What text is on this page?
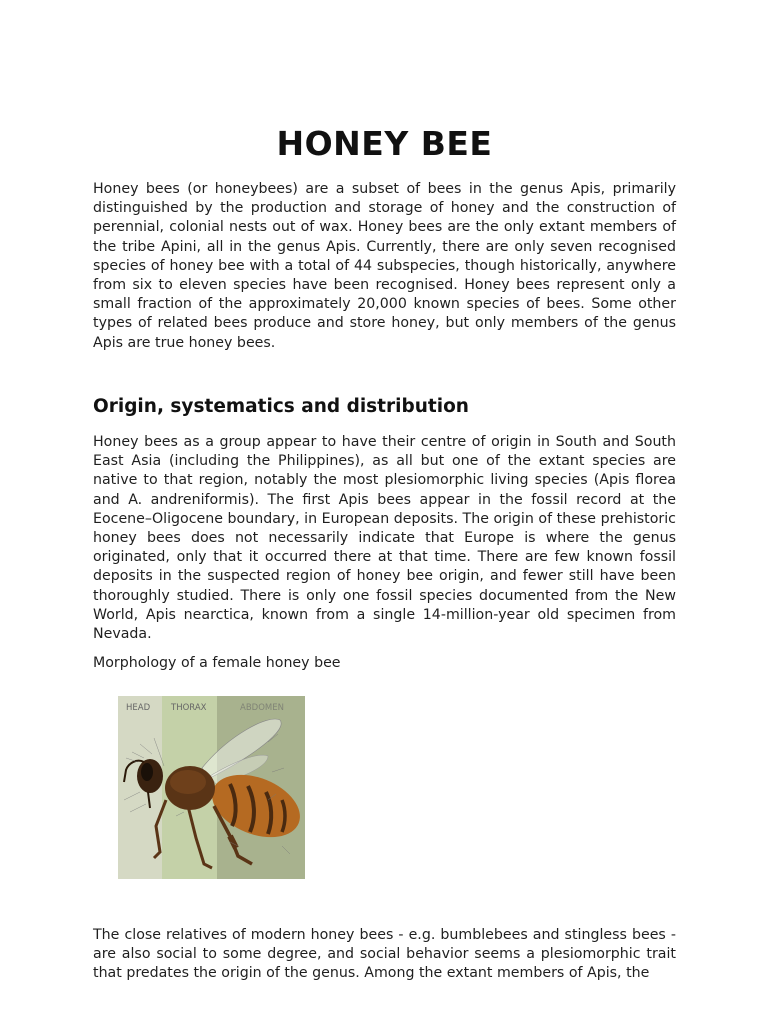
HONEY BEE

Honey bees (or honeybees) are a subset of bees in the genus Apis, primarily distinguished by the production and storage of honey and the construction of perennial, colonial nests out of wax. Honey bees are the only extant members of the tribe Apini, all in the genus Apis. Currently, there are only seven recognised species of honey bee with a total of 44 subspecies, though historically, anywhere from six to eleven species have been recognised. Honey bees represent only a small fraction of the approximately 20,000 known species of bees. Some other types of related bees produce and store honey, but only members of the genus Apis are true honey bees.

Origin, systematics and distribution

Honey bees as a group appear to have their centre of origin in South and South East Asia (including the Philippines), as all but one of the extant species are native to that region, notably the most plesiomorphic living species (Apis florea and A. andreniformis). The first Apis bees appear in the fossil record at the Eocene–Oligocene boundary, in European deposits. The origin of these prehistoric honey bees does not necessarily indicate that Europe is where the genus originated, only that it occurred there at that time. There are few known fossil deposits in the suspected region of honey bee origin, and fewer still have been thoroughly studied. There is only one fossil species documented from the New World, Apis nearctica, known from a single 14-million-year old specimen from Nevada.

Morphology of a female honey bee

HEAD THORAX	ABDOMEN

The close relatives of modern honey bees - e.g. bumblebees and stingless bees - are also social to some degree, and social behavior seems a plesiomorphic trait that predates the origin of the genus. Among the extant members of Apis, the
